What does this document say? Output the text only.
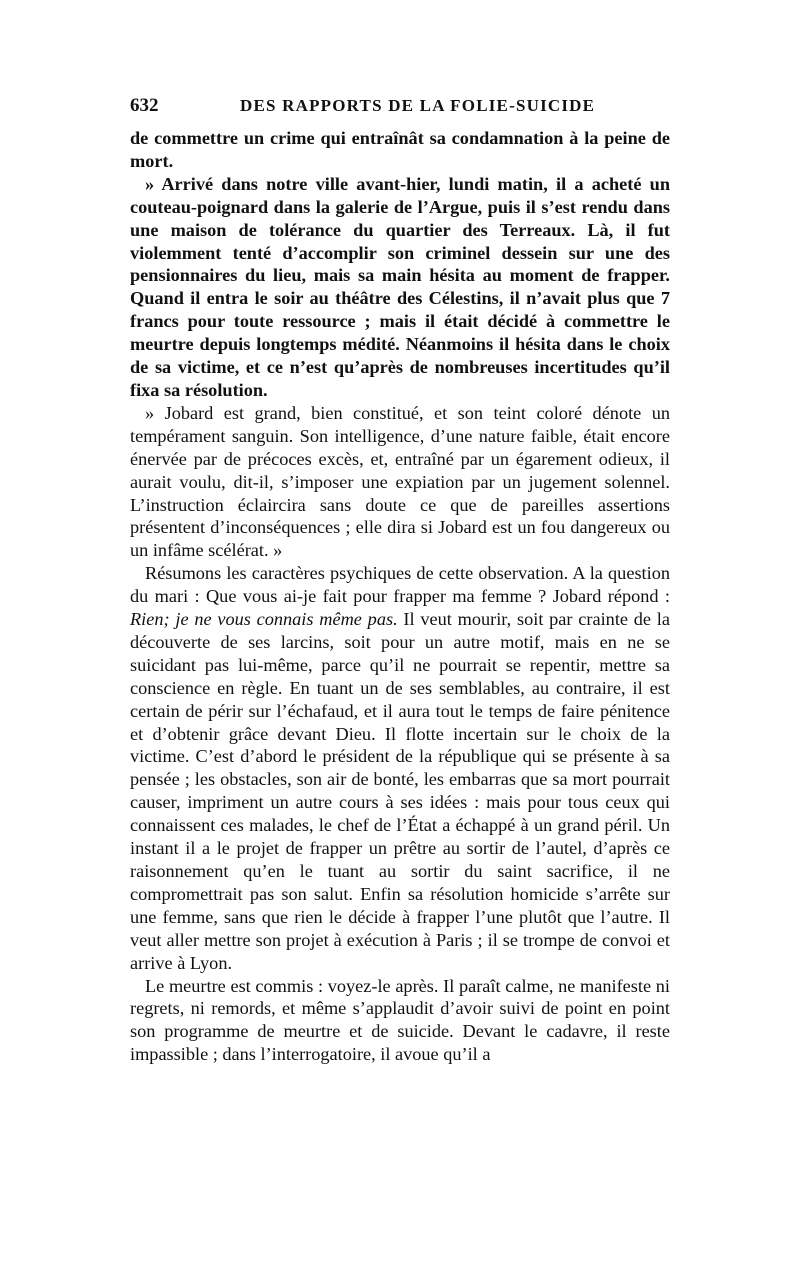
632	DES RAPPORTS DE LA FOLIE-SUICIDE

de commettre un crime qui entraînât sa condamnation à la peine de mort.

» Arrivé dans notre ville avant-hier, lundi matin, il a acheté un couteau-poignard dans la galerie de l’Argue, puis il s’est rendu dans une maison de tolérance du quartier des Terreaux. Là, il fut violemment tenté d’accomplir son criminel dessein sur une des pensionnaires du lieu, mais sa main hésita au moment de frapper. Quand il entra le soir au théâtre des Célestins, il n’avait plus que 7 francs pour toute ressource ; mais il était décidé à commettre le meurtre depuis longtemps médité. Néanmoins il hésita dans le choix de sa victime, et ce n’est qu’après de nombreuses incertitudes qu’il fixa sa résolution.

» Jobard est grand, bien constitué, et son teint coloré dénote un tempérament sanguin. Son intelligence, d’une nature faible, était encore énervée par de précoces excès, et, entraîné par un égarement odieux, il aurait voulu, dit-il, s’imposer une expiation par un jugement solennel. L’instruction éclaircira sans doute ce que de pareilles assertions présentent d’inconséquences ; elle dira si Jobard est un fou dangereux ou un infâme scélérat. »

Résumons les caractères psychiques de cette observation. A la question du mari : Que vous ai-je fait pour frapper ma femme ? Jobard répond : Rien; je ne vous connais même pas. Il veut mourir, soit par crainte de la découverte de ses larcins, soit pour un autre motif, mais en ne se suicidant pas lui-même, parce qu’il ne pourrait se repentir, mettre sa conscience en règle. En tuant un de ses semblables, au contraire, il est certain de périr sur l’échafaud, et il aura tout le temps de faire pénitence et d’obtenir grâce devant Dieu. Il flotte incertain sur le choix de la victime. C’est d’abord le président de la république qui se présente à sa pensée ; les obstacles, son air de bonté, les embarras que sa mort pourrait causer, impriment un autre cours à ses idées : mais pour tous ceux qui connaissent ces malades, le chef de l’État a échappé à un grand péril. Un instant il a le projet de frapper un prêtre au sortir de l’autel, d’après ce raisonnement qu’en le tuant au sortir du saint sacrifice, il ne compromettrait pas son salut. Enfin sa résolution homicide s’arrête sur une femme, sans que rien le décide à frapper l’une plutôt que l’autre. Il veut aller mettre son projet à exécution à Paris ; il se trompe de convoi et arrive à Lyon.

Le meurtre est commis : voyez-le après. Il paraît calme, ne manifeste ni regrets, ni remords, et même s’applaudit d’avoir suivi de point en point son programme de meurtre et de suicide. Devant le cadavre, il reste impassible ; dans l’interrogatoire, il avoue qu’il a
